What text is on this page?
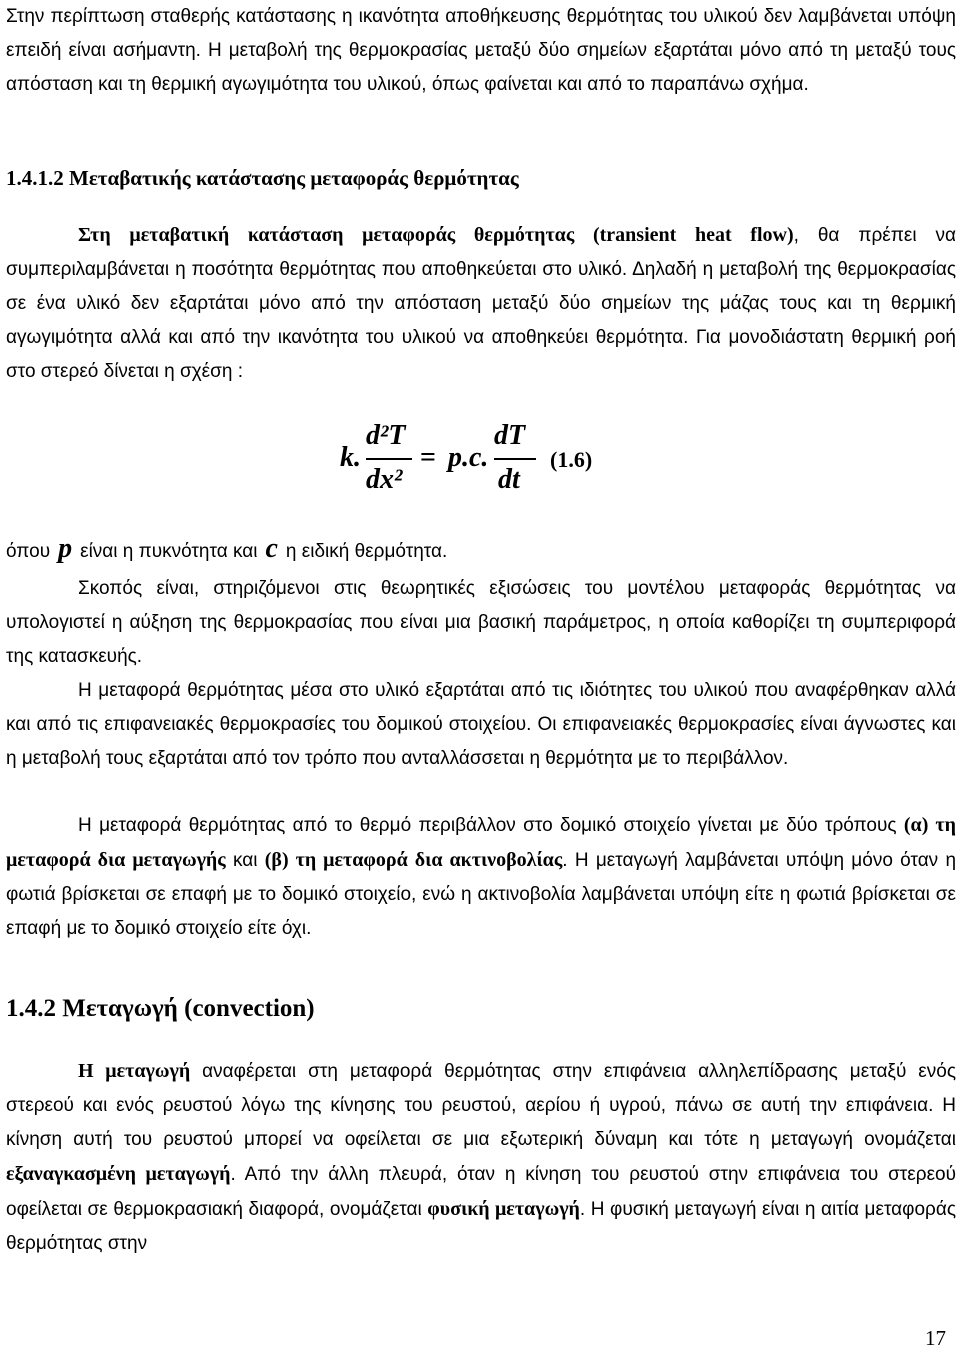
Στην περίπτωση σταθερής κατάστασης η ικανότητα αποθήκευσης θερμότητας του υλικού δεν λαμβάνεται υπόψη επειδή είναι ασήμαντη. Η μεταβολή της θερμοκρασίας μεταξύ δύο σημείων εξαρτάται μόνο από τη μεταξύ τους απόσταση και τη θερμική αγωγιμότητα του υλικού, όπως φαίνεται και από το παραπάνω σχήμα.

1.4.1.2 Μεταβατικής κατάστασης μεταφοράς θερμότητας

Στη μεταβατική κατάσταση μεταφοράς θερμότητας (transient heat flow), θα πρέπει να συμπεριλαμβάνεται η ποσότητα θερμότητας που αποθηκεύεται στο υλικό. Δηλαδή η μεταβολή της θερμοκρασίας σε ένα υλικό δεν εξαρτάται μόνο από την απόσταση μεταξύ δύο σημείων της μάζας τους και τη θερμική αγωγιμότητα αλλά και από την ικανότητα του υλικού να αποθηκεύει θερμότητα. Για μονοδιάστατη θερμική ροή στο στερεό δίνεται η σχέση :

k.
d²T
dx²
= p.c.
dT
dt
(1.6)

όπου p είναι η πυκνότητα και c η ειδική θερμότητα.

Σκοπός είναι, στηριζόμενοι στις θεωρητικές εξισώσεις του μοντέλου μεταφοράς θερμότητας να υπολογιστεί η αύξηση της θερμοκρασίας που είναι μια βασική παράμετρος, η οποία καθορίζει τη συμπεριφορά της κατασκευής.

Η μεταφορά θερμότητας μέσα στο υλικό εξαρτάται από τις ιδιότητες του υλικού που αναφέρθηκαν αλλά και από τις επιφανειακές θερμοκρασίες του δομικού στοιχείου. Οι επιφανειακές θερμοκρασίες είναι άγνωστες και η μεταβολή τους εξαρτάται από τον τρόπο που ανταλλάσσεται η θερμότητα με το περιβάλλον.

Η μεταφορά θερμότητας από το θερμό περιβάλλον στο δομικό στοιχείο γίνεται με δύο τρόπους (α) τη μεταφορά δια μεταγωγής και (β) τη μεταφορά δια ακτινοβολίας. Η μεταγωγή λαμβάνεται υπόψη μόνο όταν η φωτιά βρίσκεται σε επαφή με το δομικό στοιχείο, ενώ η ακτινοβολία λαμβάνεται υπόψη είτε η φωτιά βρίσκεται σε επαφή με το δομικό στοιχείο είτε όχι.

1.4.2 Μεταγωγή (convection)

Η μεταγωγή αναφέρεται στη μεταφορά θερμότητας στην επιφάνεια αλληλεπίδρασης μεταξύ ενός στερεού και ενός ρευστού λόγω της κίνησης του ρευστού, αερίου ή υγρού, πάνω σε αυτή την επιφάνεια. Η κίνηση αυτή του ρευστού μπορεί να οφείλεται σε μια εξωτερική δύναμη και τότε η μεταγωγή ονομάζεται εξαναγκασμένη μεταγωγή. Από την άλλη πλευρά, όταν η κίνηση του ρευστού στην επιφάνεια του στερεού οφείλεται σε θερμοκρασιακή διαφορά, ονομάζεται φυσική μεταγωγή. Η φυσική μεταγωγή είναι η αιτία μεταφοράς θερμότητας στην

17
